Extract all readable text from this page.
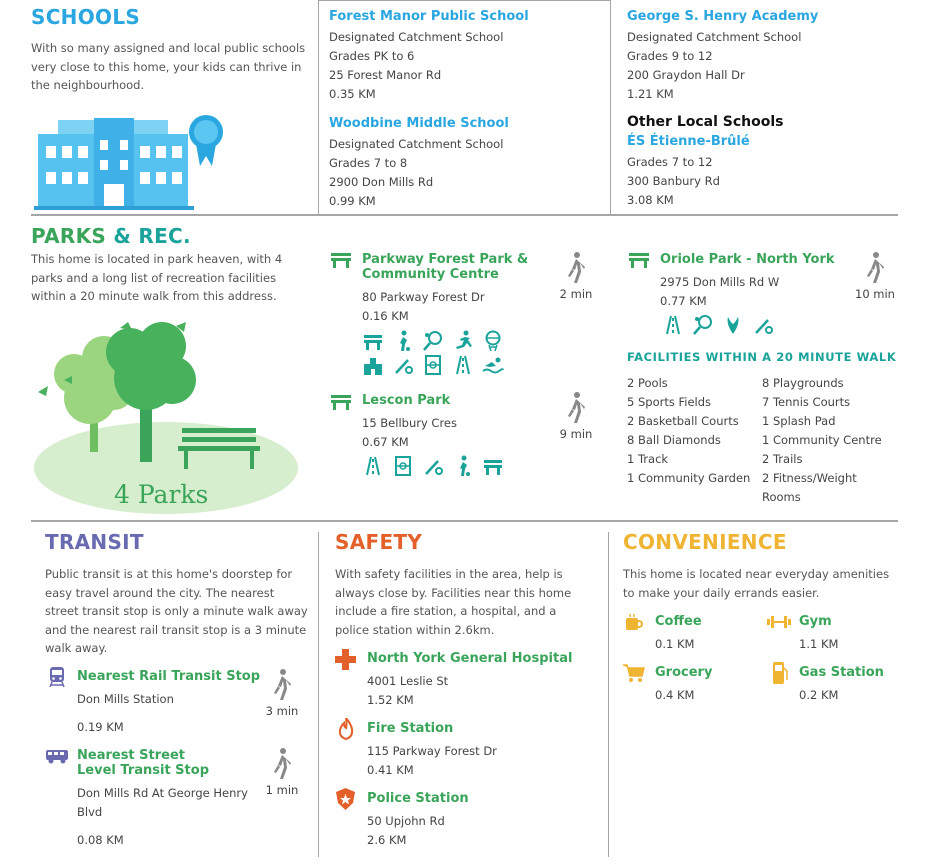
SCHOOLS
With so many assigned and local public schools very close to this home, your kids can thrive in the neighbourhood.
Forest Manor Public School
Designated Catchment School
Grades PK to 6
25 Forest Manor Rd
0.35 KM
George S. Henry Academy
Designated Catchment School
Grades 9 to 12
200 Graydon Hall Dr
1.21 KM
Woodbine Middle School
Designated Catchment School
Grades 7 to 8
2900 Don Mills Rd
0.99 KM
Other Local Schools
ÉS Étienne-Brûlé
Grades 7 to 12
300 Banbury Rd
3.08 KM
PARKS & REC.
This home is located in park heaven, with 4 parks and a long list of recreation facilities within a 20 minute walk from this address.
4 Parks
Parkway Forest Park & Community Centre
80 Parkway Forest Dr
0.16 KM
2 min
Lescon Park
15 Bellbury Cres
0.67 KM
9 min
Oriole Park - North York
2975 Don Mills Rd W
0.77 KM	10 min
FACILITIES WITHIN A 20 MINUTE WALK
2 Pools
5 Sports Fields
2 Basketball Courts
8 Ball Diamonds
1 Track
1 Community Garden
8 Playgrounds
7 Tennis Courts
1 Splash Pad
1 Community Centre
2 Trails
2 Fitness/Weight Rooms
TRANSIT
Public transit is at this home's doorstep for easy travel around the city. The nearest street transit stop is only a minute walk away and the nearest rail transit stop is a 3 minute walk away.
Nearest Rail Transit Stop
Don Mills Station
0.19 KM
3 min
Nearest Street Level Transit Stop
Don Mills Rd At George Henry Blvd
0.08 KM
1 min
SAFETY
With safety facilities in the area, help is always close by. Facilities near this home include a fire station, a hospital, and a police station within 2.6km.
North York General Hospital
4001 Leslie St
1.52 KM
Fire Station
115 Parkway Forest Dr
0.41 KM
Police Station
50 Upjohn Rd
2.6 KM
CONVENIENCE
This home is located near everyday amenities to make your daily errands easier.
Coffee
0.1 KM
Gym
1.1 KM
Grocery
0.4 KM
Gas Station
0.2 KM
